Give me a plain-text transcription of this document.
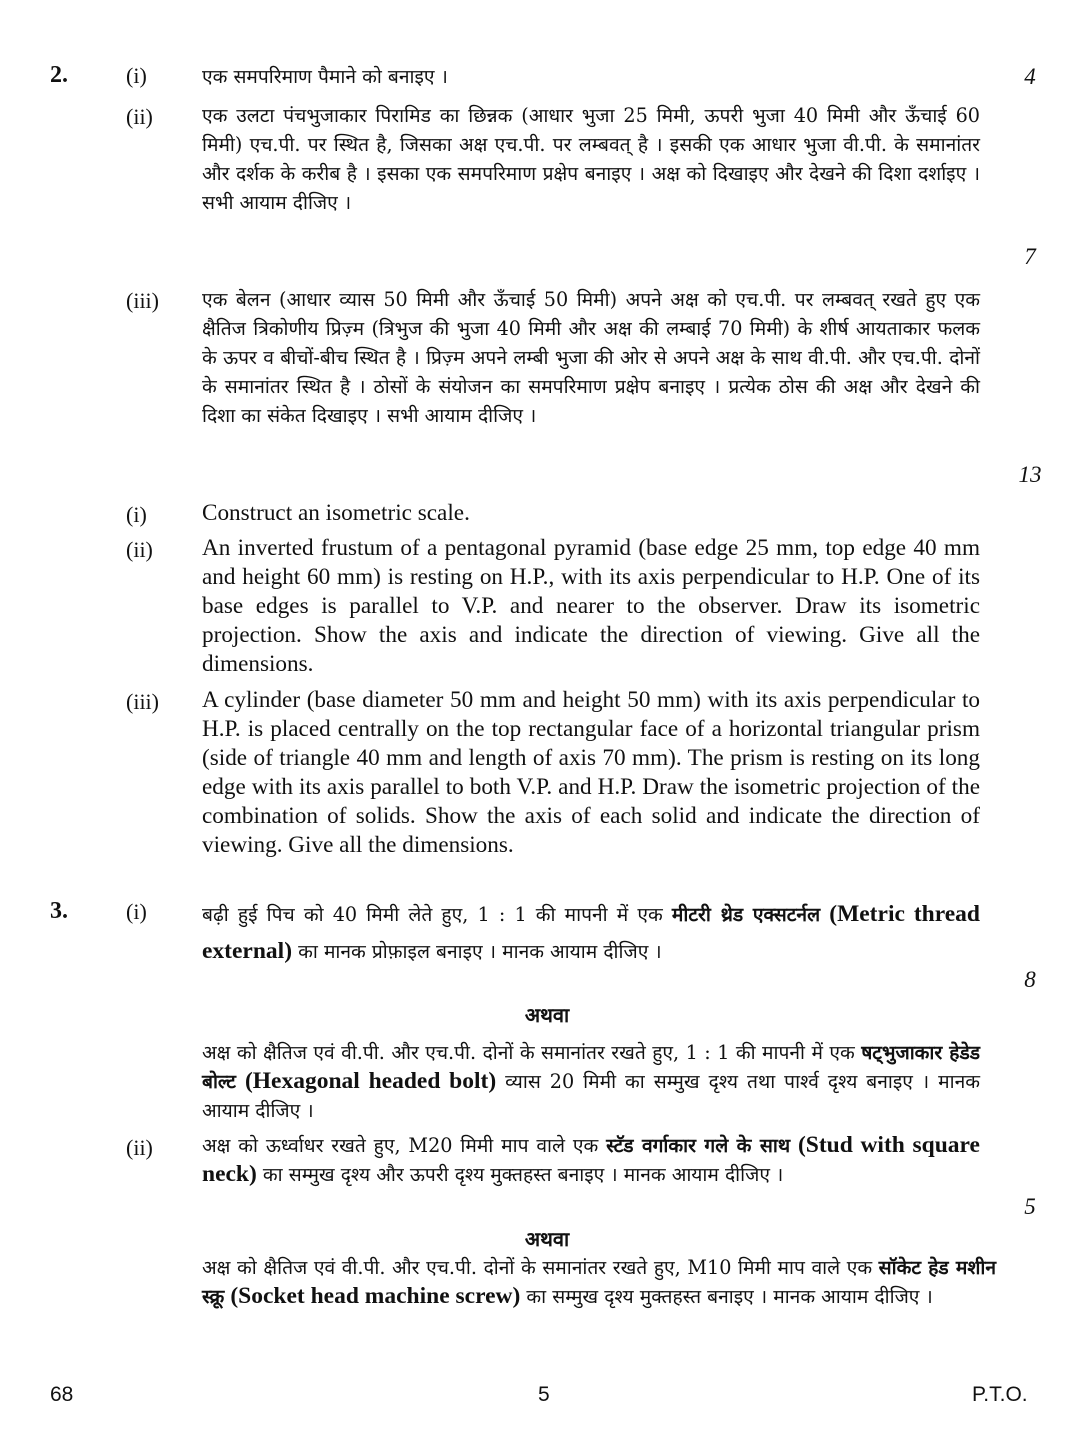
2.	(i)	एक समपरिमाण पैमाने को बनाइए ।	4
(ii)	एक उलटा पंचभुजाकार पिरामिड का छिन्नक (आधार भुजा 25 मिमी, ऊपरी भुजा 40 मिमी और ऊँचाई 60 मिमी) एच.पी. पर स्थित है, जिसका अक्ष एच.पी. पर लम्बवत् है । इसकी एक आधार भुजा वी.पी. के समानांतर और दर्शक के करीब है । इसका एक समपरिमाण प्रक्षेप बनाइए । अक्ष को दिखाइए और देखने की दिशा दर्शाइए । सभी आयाम दीजिए ।
7
(iii) एक बेलन (आधार व्यास 50 मिमी और ऊँचाई 50 मिमी) अपने अक्ष को एच.पी. पर लम्बवत् रखते हुए एक क्षैतिज त्रिकोणीय प्रिज़्म (त्रिभुज की भुजा 40 मिमी और अक्ष की लम्बाई 70 मिमी) के शीर्ष आयताकार फलक के ऊपर व बीचों-बीच स्थित है । प्रिज़्म अपने लम्बी भुजा की ओर से अपने अक्ष के साथ वी.पी. और एच.पी. दोनों के समानांतर स्थित है । ठोसों के संयोजन का समपरिमाण प्रक्षेप बनाइए । प्रत्येक ठोस की अक्ष और देखने की दिशा का संकेत दिखाइए । सभी आयाम दीजिए ।
13
(i) Construct an isometric scale.
(ii) An inverted frustum of a pentagonal pyramid (base edge 25 mm, top edge 40 mm and height 60 mm) is resting on H.P., with its axis perpendicular to H.P. One of its base edges is parallel to V.P. and nearer to the observer. Draw its isometric projection. Show the axis and indicate the direction of viewing. Give all the dimensions.
(iii) A cylinder (base diameter 50 mm and height 50 mm) with its axis perpendicular to H.P. is placed centrally on the top rectangular face of a horizontal triangular prism (side of triangle 40 mm and length of axis 70 mm). The prism is resting on its long edge with its axis parallel to both V.P. and H.P. Draw the isometric projection of the combination of solids. Show the axis of each solid and indicate the direction of viewing. Give all the dimensions.
3.	(i)	बढ़ी हुई पिच को 40 मिमी लेते हुए, 1 : 1 की मापनी में एक मीटरी थ्रेड एक्सटर्नल (Metric thread external) का मानक प्रोफ़ाइल बनाइए । मानक आयाम दीजिए ।
8
अथवा
अक्ष को क्षैतिज एवं वी.पी. और एच.पी. दोनों के समानांतर रखते हुए, 1 : 1 की मापनी में एक षट्भुजाकार हेडेड बोल्ट (Hexagonal headed bolt) व्यास 20 मिमी का सम्मुख दृश्य तथा पार्श्व दृश्य बनाइए । मानक आयाम दीजिए ।
(ii)	अक्ष को ऊर्ध्वाधर रखते हुए, M20 मिमी माप वाले एक स्टॅड वर्गाकार गले के साथ (Stud with square neck) का सम्मुख दृश्य और ऊपरी दृश्य मुक्तहस्त बनाइए । मानक आयाम दीजिए ।
5
अथवा
अक्ष को क्षैतिज एवं वी.पी. और एच.पी. दोनों के समानांतर रखते हुए, M10 मिमी माप वाले एक सॉकेट हेड मशीन स्क्रू (Socket head machine screw) का सम्मुख दृश्य मुक्तहस्त बनाइए । मानक आयाम दीजिए ।
68	5	P.T.O.
